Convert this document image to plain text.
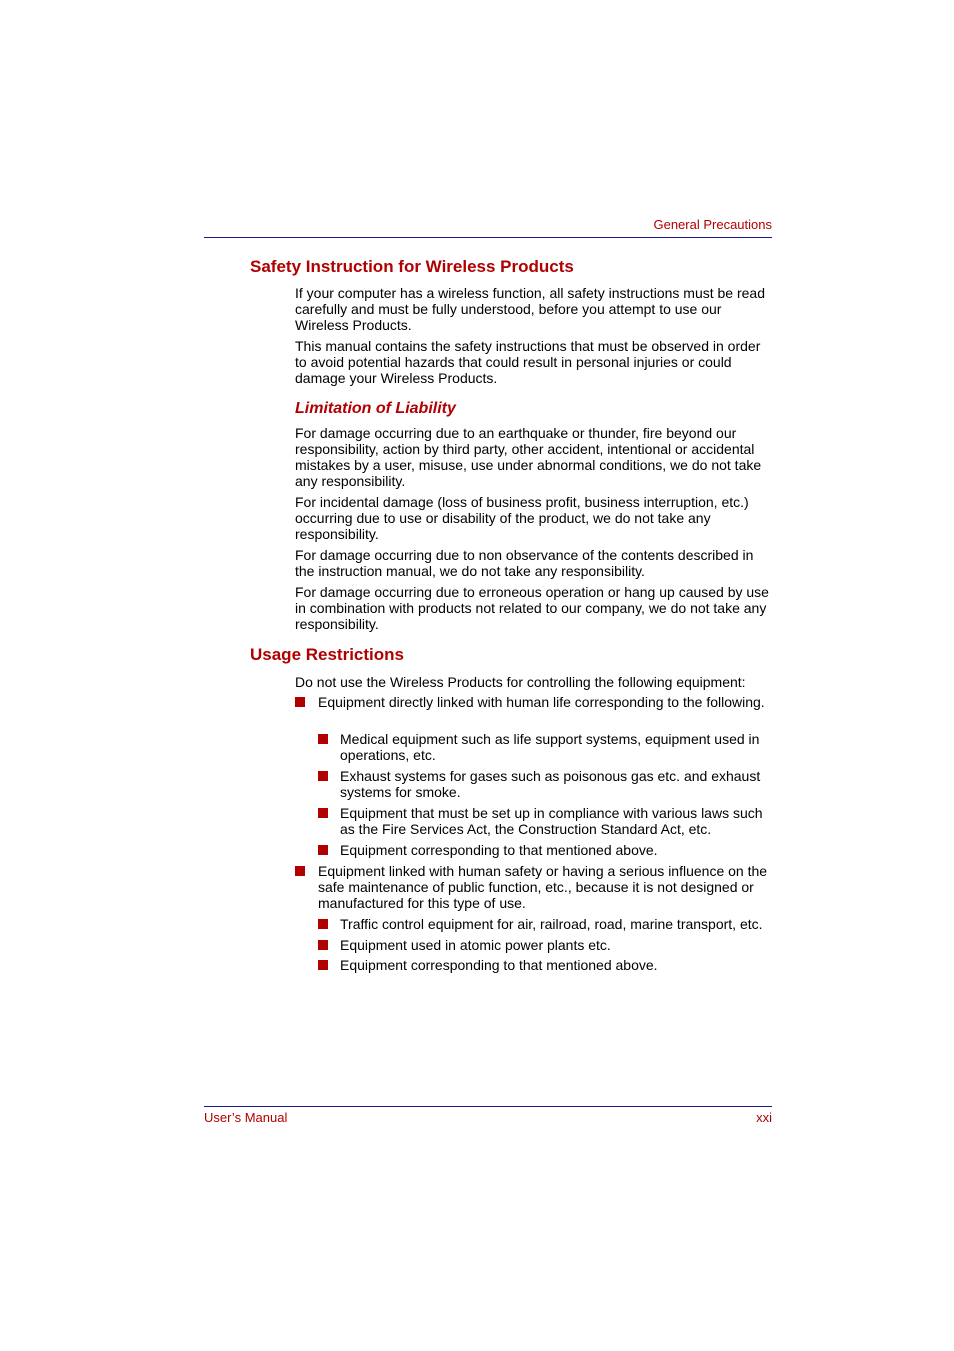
General Precautions
Safety Instruction for Wireless Products
If your computer has a wireless function, all safety instructions must be read carefully and must be fully understood, before you attempt to use our Wireless Products.
This manual contains the safety instructions that must be observed in order to avoid potential hazards that could result in personal injuries or could damage your Wireless Products.
Limitation of Liability
For damage occurring due to an earthquake or thunder, fire beyond our responsibility, action by third party, other accident, intentional or accidental mistakes by a user, misuse, use under abnormal conditions, we do not take any responsibility.
For incidental damage (loss of business profit, business interruption, etc.) occurring due to use or disability of the product, we do not take any responsibility.
For damage occurring due to non observance of the contents described in the instruction manual, we do not take any responsibility.
For damage occurring due to erroneous operation or hang up caused by use in combination with products not related to our company, we do not take any responsibility.
Usage Restrictions
Do not use the Wireless Products for controlling the following equipment:
Equipment directly linked with human life corresponding to the following.
Medical equipment such as life support systems, equipment used in operations, etc.
Exhaust systems for gases such as poisonous gas etc. and exhaust systems for smoke.
Equipment that must be set up in compliance with various laws such as the Fire Services Act, the Construction Standard Act, etc.
Equipment corresponding to that mentioned above.
Equipment linked with human safety or having a serious influence on the safe maintenance of public function, etc., because it is not designed or manufactured for this type of use.
Traffic control equipment for air, railroad, road, marine transport, etc.
Equipment used in atomic power plants etc.
Equipment corresponding to that mentioned above.
User’s Manual	xxi
